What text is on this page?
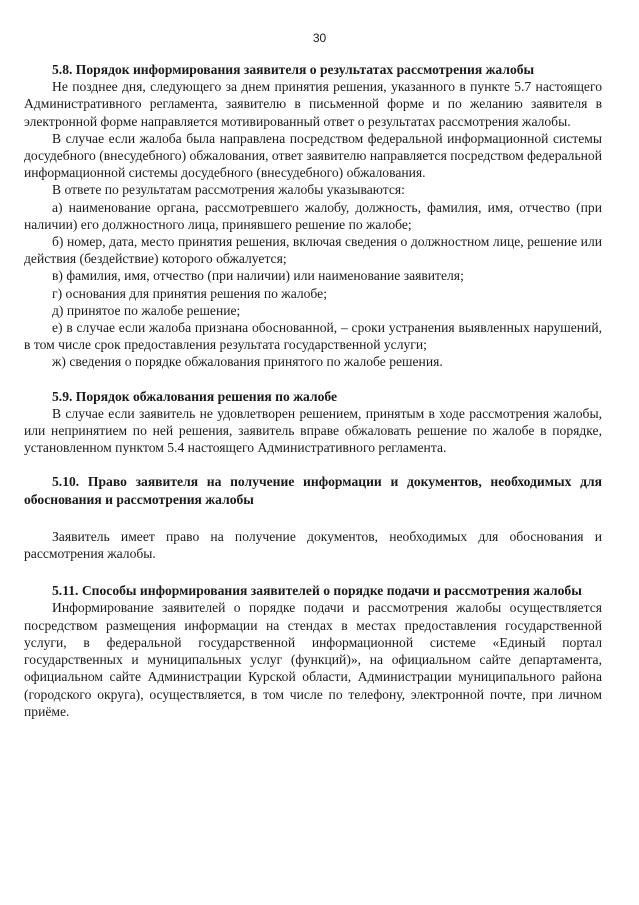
30
5.8. Порядок информирования заявителя о результатах рассмотрения жалобы

Не позднее дня, следующего за днем принятия решения, указанного в пункте 5.7 настоящего Административного регламента, заявителю в письменной форме и по желанию заявителя в электронной форме направляется мотивированный ответ о результатах рассмотрения жалобы.

В случае если жалоба была направлена посредством федеральной информационной системы досудебного (внесудебного) обжалования, ответ заявителю направляется посредством федеральной информационной системы досудебного (внесудебного) обжалования.

В ответе по результатам рассмотрения жалобы указываются:

а) наименование органа, рассмотревшего жалобу, должность, фамилия, имя, отчество (при наличии) его должностного лица, принявшего решение по жалобе;

б) номер, дата, место принятия решения, включая сведения о должностном лице, решение или действия (бездействие) которого обжалуется;

в) фамилия, имя, отчество (при наличии) или наименование заявителя;

г) основания для принятия решения по жалобе;

д) принятое по жалобе решение;

е) в случае если жалоба признана обоснованной, – сроки устранения выявленных нарушений, в том числе срок предоставления результата государственной услуги;

ж) сведения о порядке обжалования принятого по жалобе решения.

5.9. Порядок обжалования решения по жалобе

В случае если заявитель не удовлетворен решением, принятым в ходе рассмотрения жалобы, или непринятием по ней решения, заявитель вправе обжаловать решение по жалобе в порядке, установленном пунктом 5.4 настоящего Административного регламента.

5.10. Право заявителя на получение информации и документов, необходимых для обоснования и рассмотрения жалобы

Заявитель имеет право на получение документов, необходимых для обоснования и рассмотрения жалобы.

5.11. Способы информирования заявителей о порядке подачи и рассмотрения жалобы

Информирование заявителей о порядке подачи и рассмотрения жалобы осуществляется посредством размещения информации на стендах в местах предоставления государственной услуги, в федеральной государственной информационной системе «Единый портал государственных и муниципальных услуг (функций)», на официальном сайте департамента, официальном сайте Администрации Курской области, Администрации муниципального района (городского округа), осуществляется, в том числе по телефону, электронной почте, при личном приёме.
